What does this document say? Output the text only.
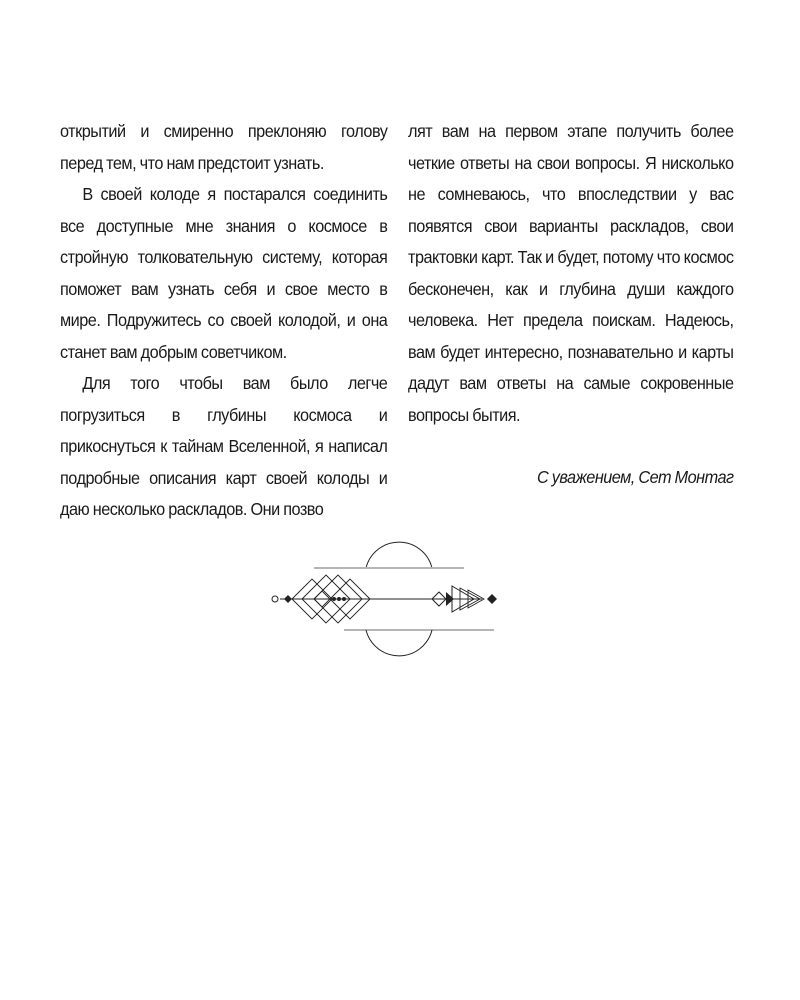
открытий и смиренно преклоняю голову перед тем, что нам предстоит узнать.

В своей колоде я постарался соединить все доступные мне знания о космосе в стройную толковательную систему, которая поможет вам узнать себя и свое место в мире. Подружитесь со своей колодой, и она станет вам добрым советчиком.

Для того чтобы вам было легче погрузиться в глубины космоса и прикоснуться к тайнам Вселенной, я написал подробные описания карт своей колоды и даю несколько раскладов. Они позво

лят вам на первом этапе получить более четкие ответы на свои вопросы. Я нисколько не сомневаюсь, что впоследствии у вас появятся свои варианты раскладов, свои трактовки карт. Так и будет, потому что космос бесконечен, как и глубина души каждого человека. Нет предела поискам. Надеюсь, вам будет интересно, познавательно и карты дадут вам ответы на самые сокровенные вопросы бытия.

С уважением, Сет Монтаг
